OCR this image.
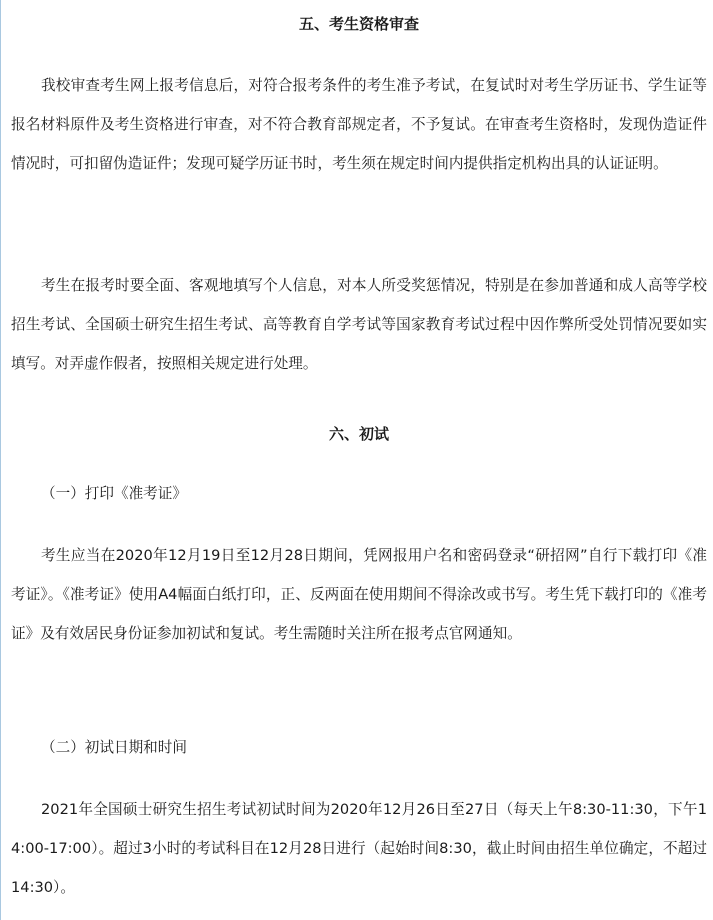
五、考生资格审查

我校审查考生网上报考信息后，对符合报考条件的考生准予考试，在复试时对考生学历证书、学生证等报名材料原件及考生资格进行审查，对不符合教育部规定者，不予复试。在审查考生资格时，发现伪造证件情况时，可扣留伪造证件；发现可疑学历证书时，考生须在规定时间内提供指定机构出具的认证证明。

考生在报考时要全面、客观地填写个人信息，对本人所受奖惩情况，特别是在参加普通和成人高等学校招生考试、全国硕士研究生招生考试、高等教育自学考试等国家教育考试过程中因作弊所受处罚情况要如实填写。对弄虚作假者，按照相关规定进行处理。

六、初试

（一）打印《准考证》

考生应当在2020年12月19日至12月28日期间，凭网报用户名和密码登录“研招网”自行下载打印《准考证》。《准考证》使用A4幅面白纸打印，正、反两面在使用期间不得涂改或书写。考生凭下载打印的《准考证》及有效居民身份证参加初试和复试。考生需随时关注所在报考点官网通知。

（二）初试日期和时间

2021年全国硕士研究生招生考试初试时间为2020年12月26日至27日（每天上午8:30-11:30，下午14:00-17:00）。超过3小时的考试科目在12月28日进行（起始时间8:30，截止时间由招生单位确定，不超过14:30）。
